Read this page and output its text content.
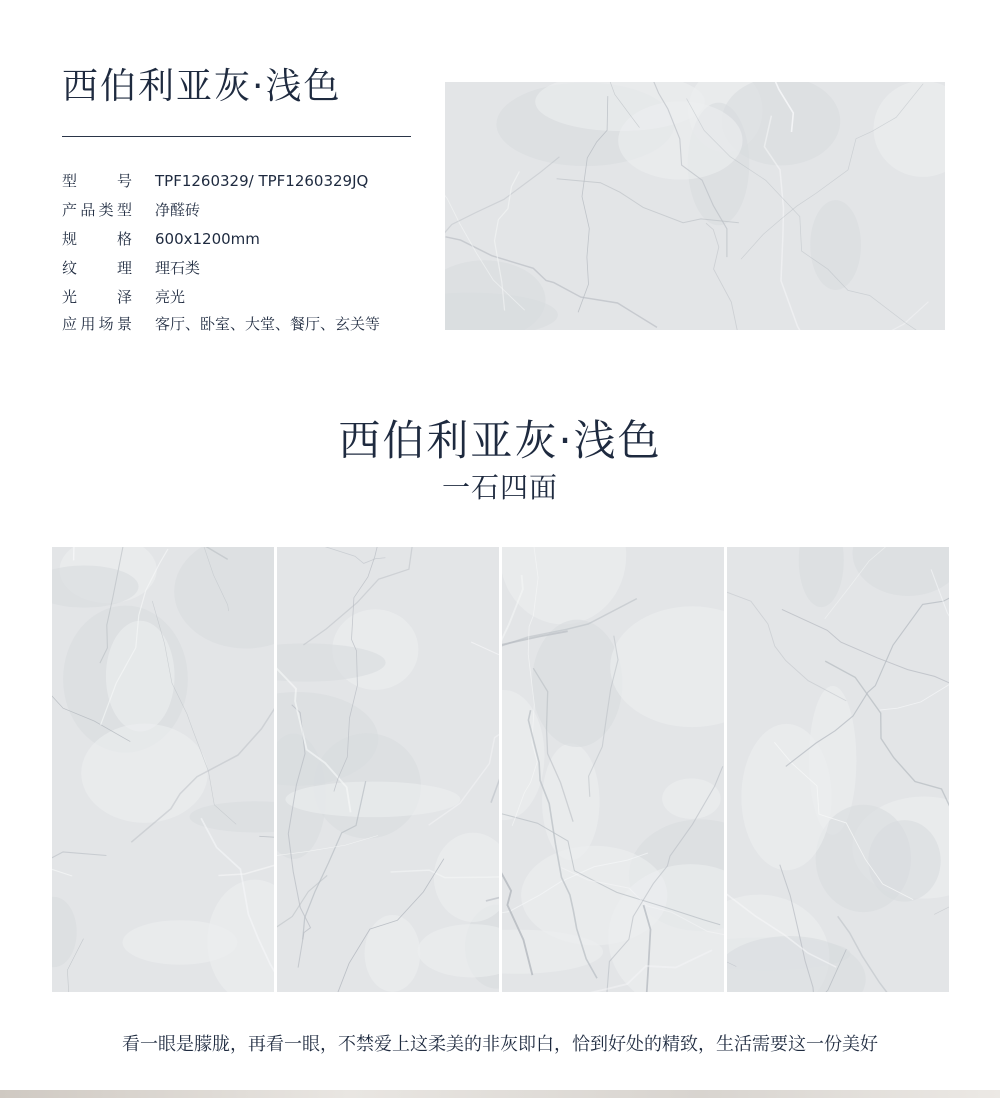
西伯利亚灰·浅色
型号 TPF1260329/ TPF1260329JQ
产品类型 净醛砖
规格 600x1200mm
纹理 理石类
光泽 亮光
应用场景 客厅、卧室、大堂、餐厅、玄关等
西伯利亚灰·浅色
一石四面
看一眼是朦胧，再看一眼，不禁爱上这柔美的非灰即白，恰到好处的精致，生活需要这一份美好
